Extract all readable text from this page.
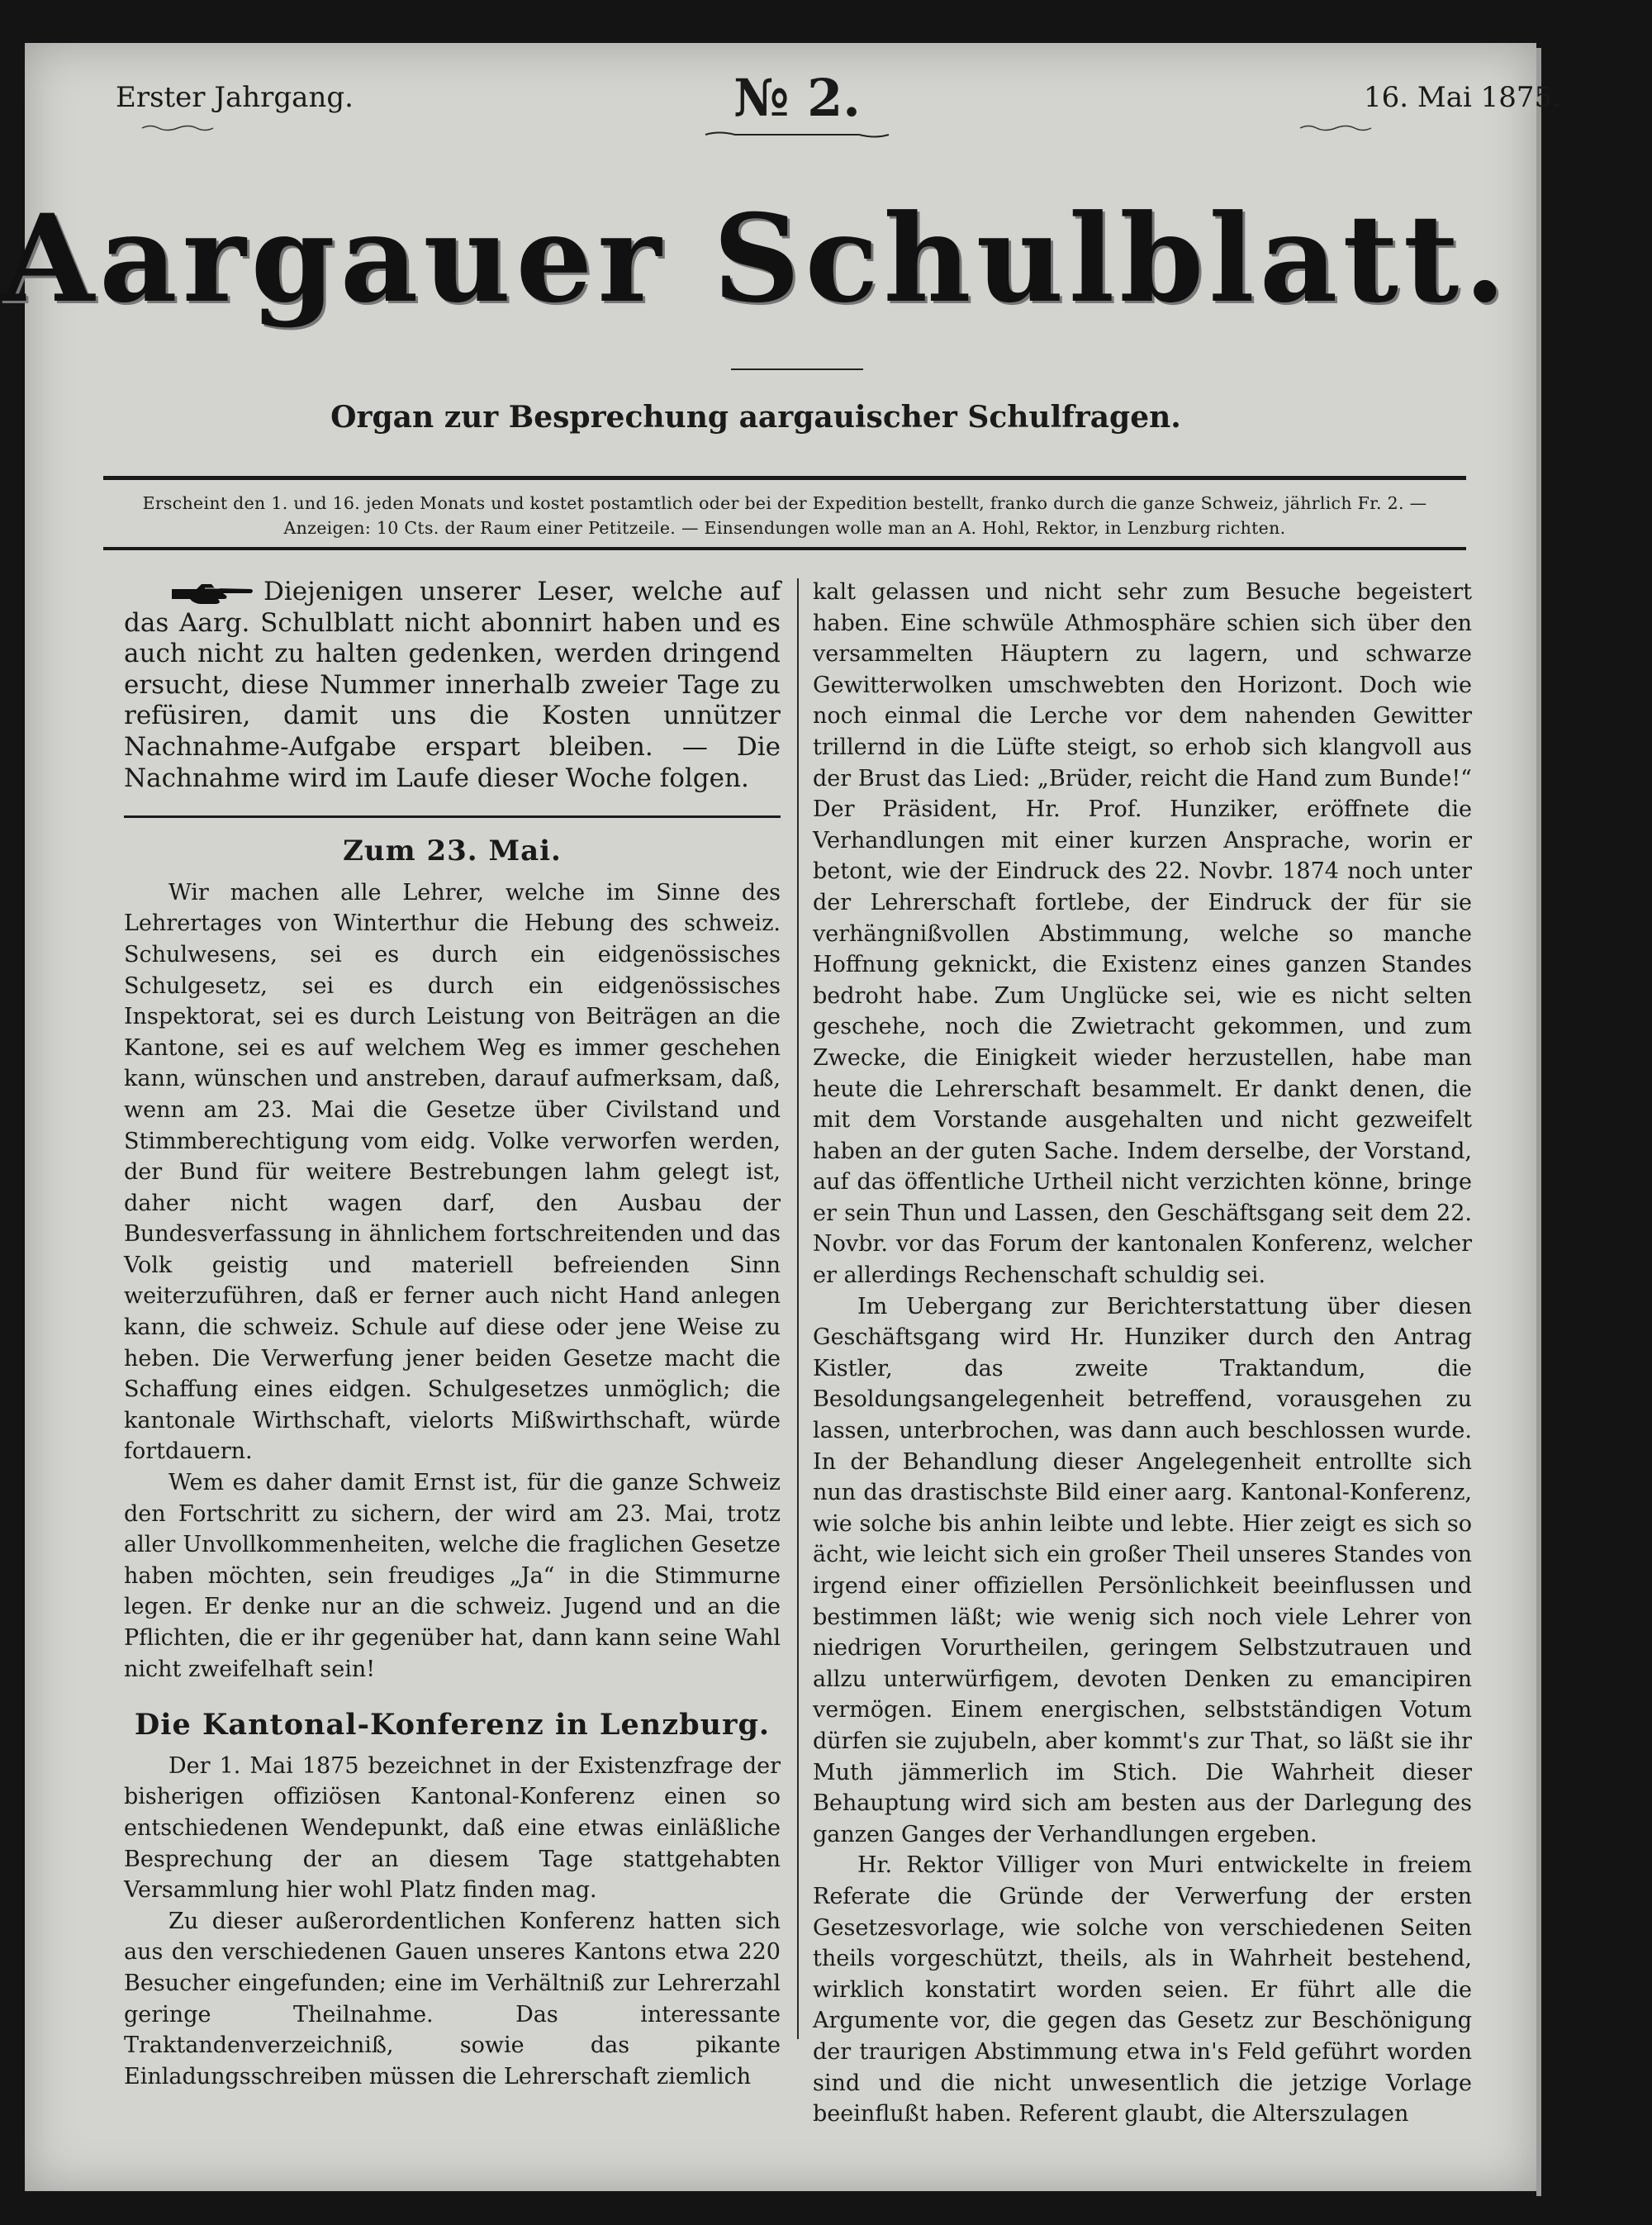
Erster Jahrgang.	№ 2.	16. Mai 1875.
Aargauer Schulblatt.
Organ zur Besprechung aargauischer Schulfragen.
Erscheint den 1. und 16. jeden Monats und kostet postamtlich oder bei der Expedition bestellt, franko durch die ganze Schweiz, jährlich Fr. 2. —
Anzeigen: 10 Cts. der Raum einer Petitzeile. — Einsendungen wolle man an A. Hohl, Rektor, in Lenzburg richten.

Diejenigen unserer Leser, welche auf das Aarg. Schulblatt nicht abonnirt haben und es auch nicht zu halten gedenken, werden dringend ersucht, diese Nummer innerhalb zweier Tage zu refüsiren, damit uns die Kosten unnützer Nachnahme-Aufgabe erspart bleiben. — Die Nachnahme wird im Laufe dieser Woche folgen.

Zum 23. Mai.

Wir machen alle Lehrer, welche im Sinne des Lehrertages von Winterthur die Hebung des schweiz. Schulwesens, sei es durch ein eidgenössisches Schulgesetz, sei es durch ein eidgenössisches Inspektorat, sei es durch Leistung von Beiträgen an die Kantone, sei es auf welchem Weg es immer geschehen kann, wünschen und anstreben, darauf aufmerksam, daß, wenn am 23. Mai die Gesetze über Civilstand und Stimmberechtigung vom eidg. Volke verworfen werden, der Bund für weitere Bestrebungen lahm gelegt ist, daher nicht wagen darf, den Ausbau der Bundesverfassung in ähnlichem fortschreitenden und das Volk geistig und materiell befreienden Sinn weiterzuführen, daß er ferner auch nicht Hand anlegen kann, die schweiz. Schule auf diese oder jene Weise zu heben. Die Verwerfung jener beiden Gesetze macht die Schaffung eines eidgen. Schulgesetzes unmöglich; die kantonale Wirthschaft, vielorts Mißwirthschaft, würde fortdauern.

Wem es daher damit Ernst ist, für die ganze Schweiz den Fortschritt zu sichern, der wird am 23. Mai, trotz aller Unvollkommenheiten, welche die fraglichen Gesetze haben möchten, sein freudiges „Ja“ in die Stimmurne legen. Er denke nur an die schweiz. Jugend und an die Pflichten, die er ihr gegenüber hat, dann kann seine Wahl nicht zweifelhaft sein!

Die Kantonal-Konferenz in Lenzburg.

Der 1. Mai 1875 bezeichnet in der Existenzfrage der bisherigen offiziösen Kantonal-Konferenz einen so entschiedenen Wendepunkt, daß eine etwas einläßliche Besprechung der an diesem Tage stattgehabten Versammlung hier wohl Platz finden mag.

Zu dieser außerordentlichen Konferenz hatten sich aus den verschiedenen Gauen unseres Kantons etwa 220 Besucher eingefunden; eine im Verhältniß zur Lehrerzahl geringe Theilnahme. Das interessante Traktandenverzeichniß, sowie das pikante Einladungsschreiben müssen die Lehrerschaft ziemlich

kalt gelassen und nicht sehr zum Besuche begeistert haben. Eine schwüle Athmosphäre schien sich über den versammelten Häuptern zu lagern, und schwarze Gewitterwolken umschwebten den Horizont. Doch wie noch einmal die Lerche vor dem nahenden Gewitter trillernd in die Lüfte steigt, so erhob sich klangvoll aus der Brust das Lied: „Brüder, reicht die Hand zum Bunde!“ Der Präsident, Hr. Prof. Hunziker, eröffnete die Verhandlungen mit einer kurzen Ansprache, worin er betont, wie der Eindruck des 22. Novbr. 1874 noch unter der Lehrerschaft fortlebe, der Eindruck der für sie verhängnißvollen Abstimmung, welche so manche Hoffnung geknickt, die Existenz eines ganzen Standes bedroht habe. Zum Unglücke sei, wie es nicht selten geschehe, noch die Zwietracht gekommen, und zum Zwecke, die Einigkeit wieder herzustellen, habe man heute die Lehrerschaft besammelt. Er dankt denen, die mit dem Vorstande ausgehalten und nicht gezweifelt haben an der guten Sache. Indem derselbe, der Vorstand, auf das öffentliche Urtheil nicht verzichten könne, bringe er sein Thun und Lassen, den Geschäftsgang seit dem 22. Novbr. vor das Forum der kantonalen Konferenz, welcher er allerdings Rechenschaft schuldig sei.

Im Uebergang zur Berichterstattung über diesen Geschäftsgang wird Hr. Hunziker durch den Antrag Kistler, das zweite Traktandum, die Besoldungsangelegenheit betreffend, vorausgehen zu lassen, unterbrochen, was dann auch beschlossen wurde. In der Behandlung dieser Angelegenheit entrollte sich nun das drastischste Bild einer aarg. Kantonal-Konferenz, wie solche bis anhin leibte und lebte. Hier zeigt es sich so ächt, wie leicht sich ein großer Theil unseres Standes von irgend einer offiziellen Persönlichkeit beeinflussen und bestimmen läßt; wie wenig sich noch viele Lehrer von niedrigen Vorurtheilen, geringem Selbstzutrauen und allzu unterwürfigem, devoten Denken zu emancipiren vermögen. Einem energischen, selbstständigen Votum dürfen sie zujubeln, aber kommt's zur That, so läßt sie ihr Muth jämmerlich im Stich. Die Wahrheit dieser Behauptung wird sich am besten aus der Darlegung des ganzen Ganges der Verhandlungen ergeben.

Hr. Rektor Villiger von Muri entwickelte in freiem Referate die Gründe der Verwerfung der ersten Gesetzesvorlage, wie solche von verschiedenen Seiten theils vorgeschützt, theils, als in Wahrheit bestehend, wirklich konstatirt worden seien. Er führt alle die Argumente vor, die gegen das Gesetz zur Beschönigung der traurigen Abstimmung etwa in's Feld geführt worden sind und die nicht unwesentlich die jetzige Vorlage beeinflußt haben. Referent glaubt, die Alterszulagen
